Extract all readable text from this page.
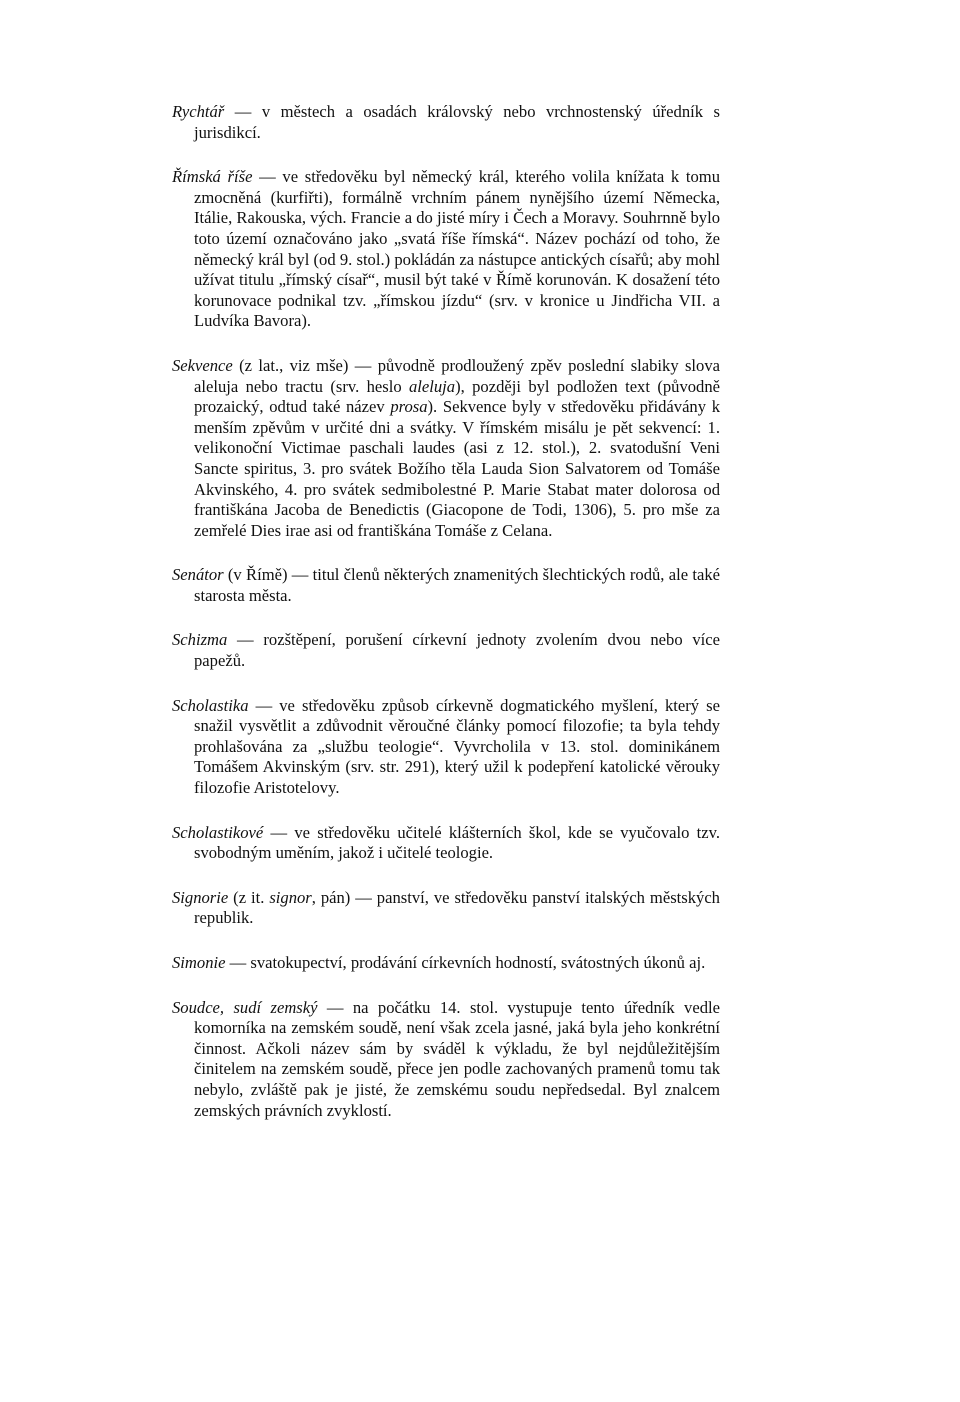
Rychtář — v městech a osadách královský nebo vrchnostenský úředník s jurisdikcí.

Římská říše — ve středověku byl německý král, kterého volila knížata k tomu zmocněná (kurfiřti), formálně vrchním pánem nynějšího území Německa, Itálie, Rakouska, vých. Francie a do jisté míry i Čech a Moravy. Souhrnně bylo toto území označováno jako „svatá říše římská“. Název pochází od toho, že německý král byl (od 9. stol.) pokládán za nástupce antických císařů; aby mohl užívat titulu „římský císař“, musil být také v Římě korunován. K dosažení této korunovace podnikal tzv. „římskou jízdu“ (srv. v kronice u Jindřicha VII. a Ludvíka Bavora).

Sekvence (z lat., viz mše) — původně prodloužený zpěv poslední slabiky slova aleluja nebo tractu (srv. heslo aleluja), později byl podložen text (původně prozaický, odtud také název prosa). Sekvence byly v středověku přidávány k menším zpěvům v určité dni a svátky. V římském misálu je pět sekvencí: 1. velikonoční Victimae paschali laudes (asi z 12. stol.), 2. svatodušní Veni Sancte spiritus, 3. pro svátek Božího těla Lauda Sion Salvatorem od Tomáše Akvinského, 4. pro svátek sedmibolestné P. Marie Stabat mater dolorosa od františkána Jacoba de Benedictis (Giacopone de Todi, 1306), 5. pro mše za zemřelé Dies irae asi od františkána Tomáše z Celana.

Senátor (v Římě) — titul členů některých znamenitých šlechtických rodů, ale také starosta města.

Schizma — rozštěpení, porušení církevní jednoty zvolením dvou nebo více papežů.

Scholastika — ve středověku způsob církevně dogmatického myšlení, který se snažil vysvětlit a zdůvodnit věroučné články pomocí filozofie; ta byla tehdy prohlašována za „službu teologie“. Vyvrcholila v 13. stol. dominikánem Tomášem Akvinským (srv. str. 291), který užil k podepření katolické věrouky filozofie Aristotelovy.

Scholastikové — ve středověku učitelé klášterních škol, kde se vyučovalo tzv. svobodným uměním, jakož i učitelé teologie.

Signorie (z it. signor, pán) — panství, ve středověku panství italských městských republik.

Simonie — svatokupectví, prodávání církevních hodností, svátostných úkonů aj.

Soudce, sudí zemský — na počátku 14. stol. vystupuje tento úředník vedle komorníka na zemském soudě, není však zcela jasné, jaká byla jeho konkrétní činnost. Ačkoli název sám by sváděl k výkladu, že byl nejdůležitějším činitelem na zemském soudě, přece jen podle zachovaných pramenů tomu tak nebylo, zvláště pak je jisté, že zemskému soudu nepředsedal. Byl znalcem zemských právních zvyklostí.
